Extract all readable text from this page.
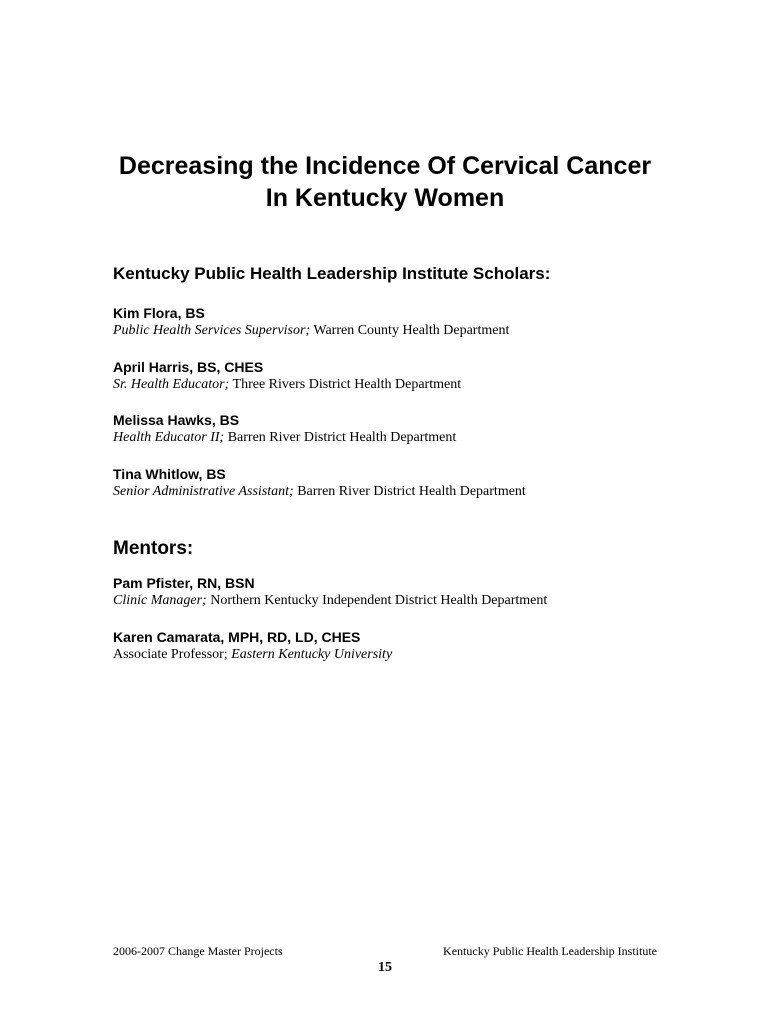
Decreasing the Incidence Of Cervical Cancer
In Kentucky Women
Kentucky Public Health Leadership Institute Scholars:
Kim Flora, BS
Public Health Services Supervisor; Warren County Health Department
April Harris, BS, CHES
Sr. Health Educator; Three Rivers District Health Department
Melissa Hawks, BS
Health Educator II; Barren River District Health Department
Tina Whitlow, BS
Senior Administrative Assistant; Barren River District Health Department
Mentors:
Pam Pfister, RN, BSN
Clinic Manager; Northern Kentucky Independent District Health Department
Karen Camarata, MPH, RD, LD, CHES
Associate Professor; Eastern Kentucky University
2006-2007 Change Master Projects	Kentucky Public Health Leadership Institute
15
